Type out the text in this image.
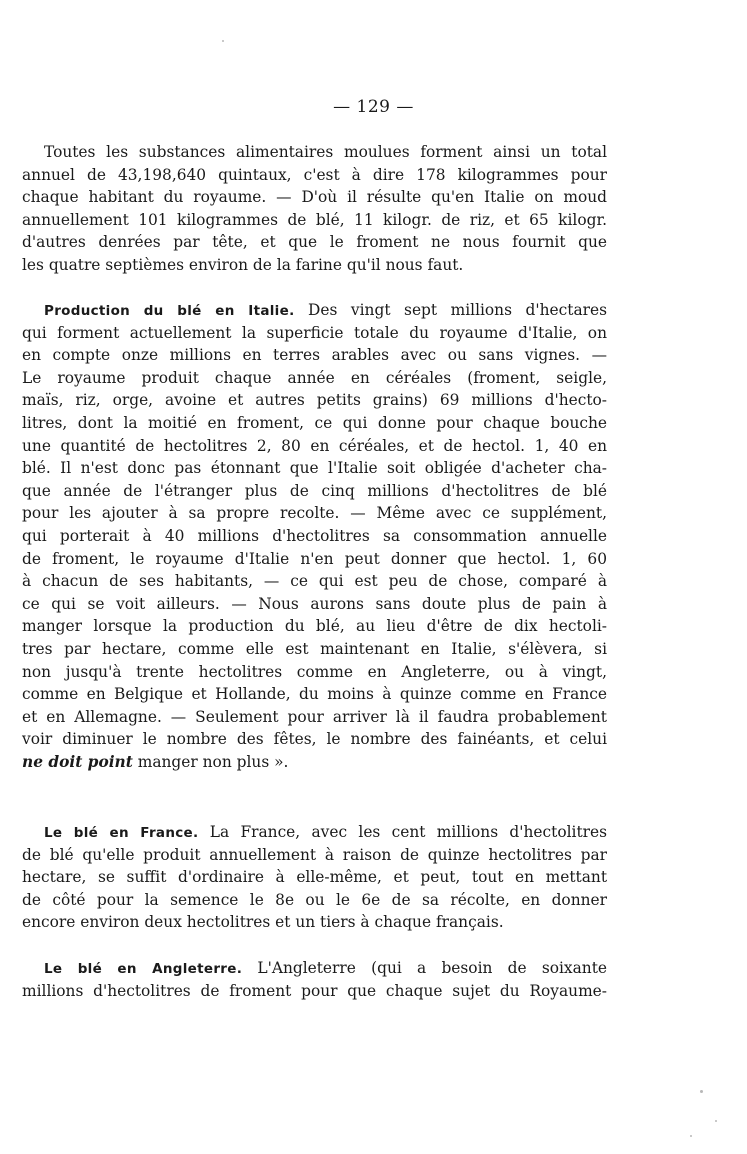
— 129 —
Toutes les substances alimentaires moulues forment ainsi un total
annuel de 43,198,640 quintaux, c'est à dire 178 kilogrammes pour
chaque habitant du royaume. — D'où il résulte qu'en Italie on moud
annuellement 101 kilogrammes de blé, 11 kilogr. de riz, et 65 kilogr.
d'autres denrées par tête, et que le froment ne nous fournit que
les quatre septièmes environ de la farine qu'il nous faut.
Production du blé en Italie. Des vingt sept millions d'hectares
qui forment actuellement la superficie totale du royaume d'Italie, on
en compte onze millions en terres arables avec ou sans vignes. —
Le royaume produit chaque année en céréales (froment, seigle,
maïs, riz, orge, avoine et autres petits grains) 69 millions d'hecto-
litres, dont la moitié en froment, ce qui donne pour chaque bouche
une quantité de hectolitres 2, 80 en céréales, et de hectol. 1, 40 en
blé. Il n'est donc pas étonnant que l'Italie soit obligée d'acheter cha-
que année de l'étranger plus de cinq millions d'hectolitres de blé
pour les ajouter à sa propre recolte. — Même avec ce supplément,
qui porterait à 40 millions d'hectolitres sa consommation annuelle
de froment, le royaume d'Italie n'en peut donner que hectol. 1, 60
à chacun de ses habitants, — ce qui est peu de chose, comparé à
ce qui se voit ailleurs. — Nous aurons sans doute plus de pain à
manger lorsque la production du blé, au lieu d'être de dix hectoli-
tres par hectare, comme elle est maintenant en Italie, s'élèvera, si
non jusqu'à trente hectolitres comme en Angleterre, ou à vingt,
comme en Belgique et Hollande, du moins à quinze comme en France
et en Allemagne. — Seulement pour arriver là il faudra probablement
voir diminuer le nombre des fêtes, le nombre des fainéants, et celui
ne doit point manger non plus ».
Le blé en France. La France, avec les cent millions d'hectolitres
de blé qu'elle produit annuellement à raison de quinze hectolitres par
hectare, se suffit d'ordinaire à elle-même, et peut, tout en mettant
de côté pour la semence le 8e ou le 6e de sa récolte, en donner
encore environ deux hectolitres et un tiers à chaque français.
Le blé en Angleterre. L'Angleterre (qui a besoin de soixante
millions d'hectolitres de froment pour que chaque sujet du Royaume-
